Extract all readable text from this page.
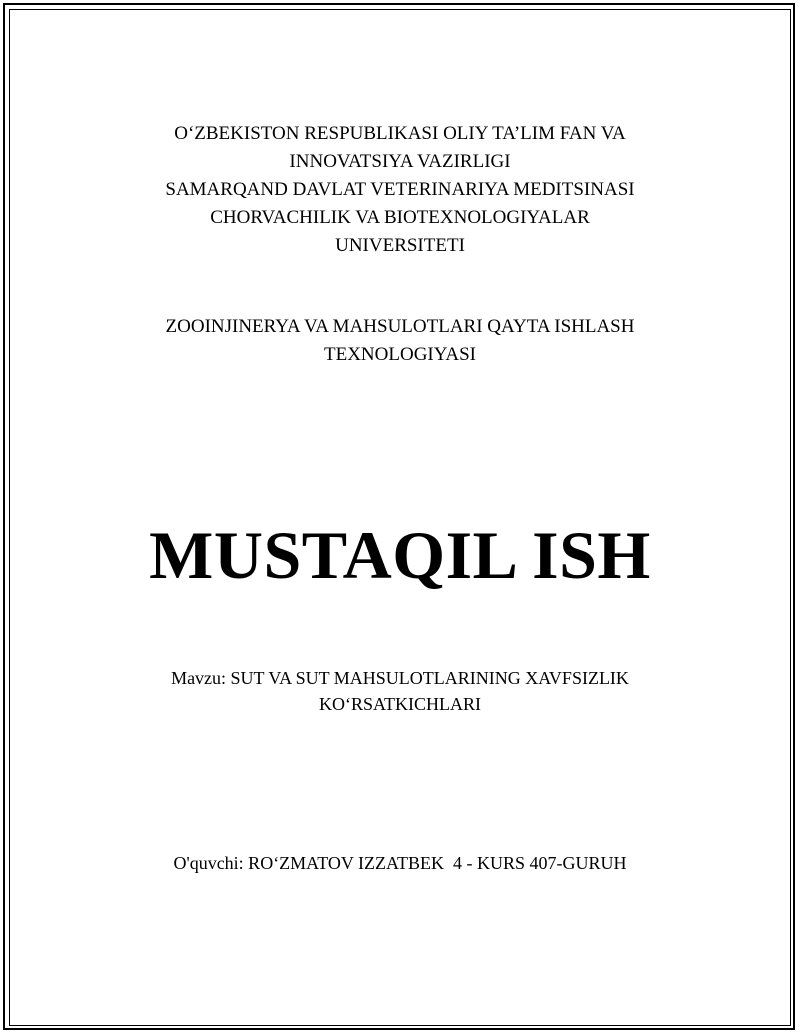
O‘ZBEKISTON RESPUBLIKASI OLIY TA’LIM FAN VA
INNOVATSIYA VAZIRLIGI
SAMARQAND DAVLAT VETERINARIYA MEDITSINASI
CHORVACHILIK VA BIOTEXNOLOGIYALAR
UNIVERSITETI
ZOOINJINERYA VA MAHSULOTLARI QAYTA ISHLASH
TEXNOLOGIYASI
MUSTAQIL ISH
Mavzu: SUT VA SUT MAHSULOTLARINING XAVFSIZLIK
KO‘RSATKICHLARI
O'quvchi: RO‘ZMATOV IZZATBEK  4 - KURS 407-GURUH
